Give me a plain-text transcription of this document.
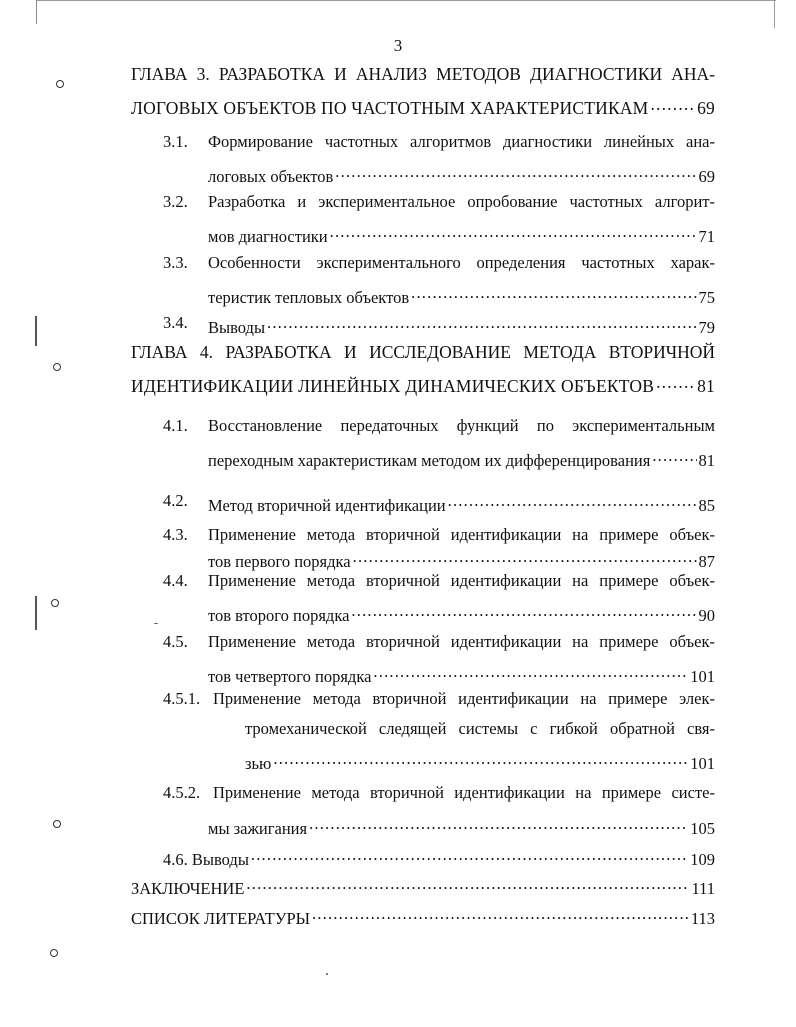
3
ГЛАВА 3. РАЗРАБОТКА И АНАЛИЗ МЕТОДОВ ДИАГНОСТИКИ АНА-
ЛОГОВЫХ ОБЪЕКТОВ ПО ЧАСТОТНЫМ ХАРАКТЕРИСТИКАМ .....	69
3.1. Формирование частотных алгоритмов диагностики линейных ана-
логовых объектов .....	69
3.2. Разработка и экспериментальное опробование частотных алгорит-
мов диагностики .....	71
3.3. Особенности экспериментального определения частотных харак-
теристик тепловых объектов .....	75
3.4. Выводы .....	79
ГЛАВА 4. РАЗРАБОТКА И ИССЛЕДОВАНИЕ МЕТОДА ВТОРИЧНОЙ
ИДЕНТИФИКАЦИИ ЛИНЕЙНЫХ ДИНАМИЧЕСКИХ ОБЪЕКТОВ ..... 81
4.1. Восстановление передаточных функций по экспериментальным
переходным характеристикам методом их дифференцирования .....	81
4.2. Метод вторичной идентификации .....	85
4.3. Применение метода вторичной идентификации на примере объек-
тов первого порядка .....	87
4.4. Применение метода вторичной идентификации на примере объек-
тов второго порядка .....	90
4.5. Применение метода вторичной идентификации на примере объек-
тов четвертого порядка .....	101
4.5.1. Применение метода вторичной идентификации на примере элек-
тромеханической следящей системы с гибкой обратной свя-
зью .....	101
4.5.2. Применение метода вторичной идентификации на примере систе-
мы зажигания .....	105
4.6. Выводы .....	109
ЗАКЛЮЧЕНИЕ .....	111
СПИСОК ЛИТЕРАТУРЫ .....	113
